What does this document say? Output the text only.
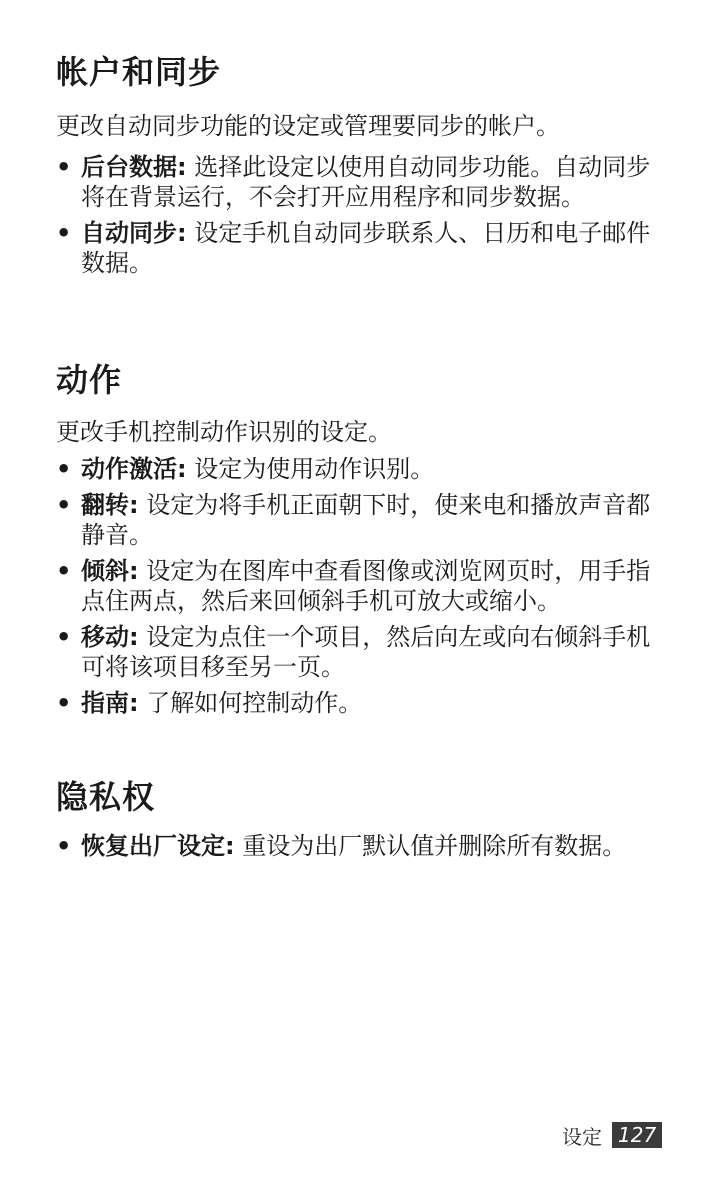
帐户和同步

更改自动同步功能的设定或管理要同步的帐户。

• 后台数据: 选择此设定以使用自动同步功能。自动同步将在背景运行，不会打开应用程序和同步数据。
• 自动同步: 设定手机自动同步联系人、日历和电子邮件数据。
动作

更改手机控制动作识别的设定。

• 动作激活: 设定为使用动作识别。
• 翻转: 设定为将手机正面朝下时，使来电和播放声音都静音。
• 倾斜: 设定为在图库中查看图像或浏览网页时，用手指点住两点，然后来回倾斜手机可放大或缩小。
• 移动: 设定为点住一个项目，然后向左或向右倾斜手机可将该项目移至另一页。
• 指南: 了解如何控制动作。
隐私权
• 恢复出厂设定: 重设为出厂默认值并删除所有数据。
设定 127
